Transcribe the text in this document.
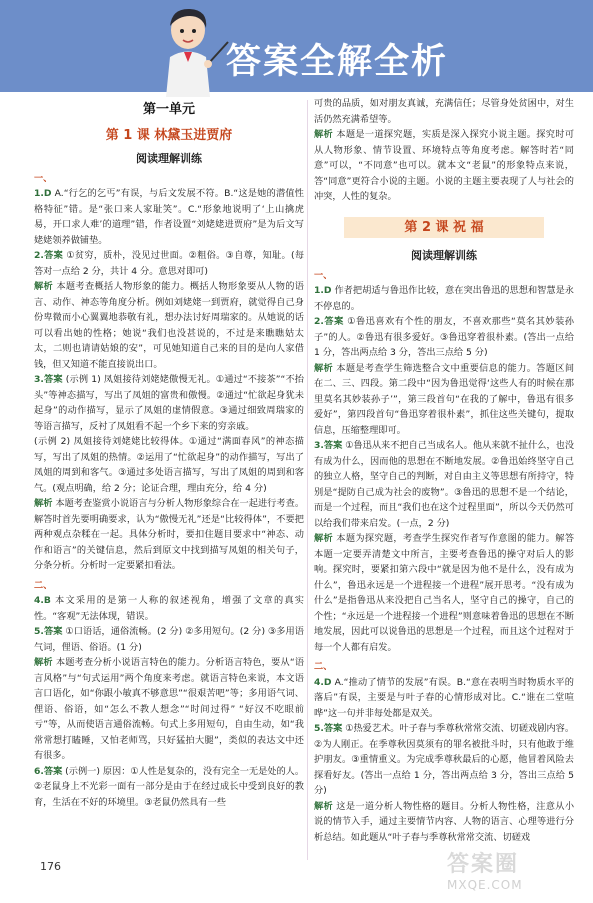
答案全解全析
第一单元
第 1 课 林黛玉进贾府
阅读理解训练
一、
1.D A.“行乞的乞丐”有误，与后文发展不符。B.“这是她的潜值性格特征”错。是“张口来人家耻笑”。C.“形象地说明了‘上山擒虎易，开口求人难’的道理”错，作者设置“刘姥姥进贾府”是为后文写姥姥领养做铺垫。
2.答案 ①贫穷，质朴，没见过世面。②粗俗。③自尊，知耻。(每答对一点给 2 分，共计 4 分。意思对即可)
解析 本题考查概括人物形象的能力。概括人物形象要从人物的语言、动作、神态等角度分析。例如刘姥姥一到贾府，就觉得自己身份卑微而小心翼翼地恭敬有礼，想办法讨好周瑞家的。从她说的话可以看出她的性格；她说“我们也没甚说的，不过是来瞧瞧姑太太，二则也请请姑娘的安”，可见她知道自己来的目的是向人家借钱，但又知道不能直接说出口。
3.答案 (示例 1) 凤姐接待刘姥姥傲慢无礼。①通过“不接茶”“不抬头”等神态描写，写出了凤姐的富贵和傲慢。②通过“忙欲起身犹未起身”的动作描写，显示了凤姐的虚情假意。③通过细致周瑞家的等语言描写，反衬了凤姐看不起一个乡下来的穷亲戚。
(示例 2) 凤姐接待刘姥姥比较得体。①通过“满面春风”的神态描写，写出了凤姐的热情。②运用了“忙欲起身”的动作描写，写出了凤姐的周到和客气。③通过多处语言描写，写出了凤姐的周到和客气。(观点明确，给 2 分；论证合理，理由充分，给 4 分)
解析 本题考查鉴赏小说语言与分析人物形象综合在一起进行考查。解答时首先要明确要求，认为“傲慢无礼”还是“比较得体”，不要把两种观点杂糅在一起。具体分析时，要扣住题目要求中“神态、动作和语言”的关键信息，然后到原文中找到描写凤姐的相关句子，分条分析。分析时一定要紧扣看法。
二、
4.B 本文采用的是第一人称的叙述视角，增强了文章的真实性。“客观”无法体现，错误。
5.答案 ①口语话，通俗流畅。(2 分) ②多用短句。(2 分) ③多用语气词，俚语、俗语。(1 分)
解析 本题考查分析小说语言特色的能力。分析语言特色，要从“语言风格”与“句式运用”两个角度来考虑。就语言特色来说，本文语言口语化，如“你跟小敏真不够意思”“很艰苦吧”等；多用语气词、俚语、俗语，如“怎么不教人想念”“时间过得” “好汉不吃眼前亏”等，从而使语言通俗流畅。句式上多用短句，自由生动，如“我常常想打瞌睡，又怕老师骂，只好猛拍大腿”，类似的表达文中还有很多。
6.答案 (示例一) 原因：①人性是复杂的，没有完全一无是处的人。②老鼠身上不光彩一面有一部分是由于在经过成长中受到良好的教育，生活在不好的环境里。③老鼠仍然具有一些
可贵的品质，如对朋友真诚，充满信任；尽管身处贫困中，对生活仍然充满希望等。
解析 本题是一道探究题，实质是深入探究小说主题。探究时可从人物形象、情节设置、环境特点等角度考虑。解答时若“同意”可以，“不同意”也可以。就本文“老鼠”的形象特点来说，答“同意”更符合小说的主题。小说的主题主要表现了人与社会的冲突，人性的复杂。
第 2 课 祝 福
阅读理解训练
一、
1.D 作者把胡适与鲁迅作比较，意在突出鲁迅的思想和智慧是永不停息的。
2.答案 ①鲁迅喜欢有个性的朋友，不喜欢那些“莫名其妙装孙子”的人。②鲁迅有很多爱好。③鲁迅穿着很朴素。(答出一点给 1 分，答出两点给 3 分，答出三点给 5 分)
解析 本题是考查学生筛选整合文中重要信息的能力。答题区间在二、三、四段。第二段中“因为鲁迅觉得‘这些人有的时候在那里莫名其妙装孙子’”，第三段首句“在我的了解中，鲁迅有很多爱好”，第四段首句“鲁迅穿着很朴素”，抓住这些关键句，提取信息，压缩整理即可。
3.答案 ①鲁迅从来不把自己当成名人。他从来就不扯什么，也没有成为什么，因而他的思想在不断地发展。②鲁迅始终坚守自己的独立人格，坚守自己的判断，对自由主义等思想有所持守，特别是“提防自己成为社会的废物”。③鲁迅的思想不是一个结论，而是一个过程，而且“我们也在这个过程里面”，所以今天仍然可以给我们带来启发。(一点，2 分)
解析 本题为探究题，考查学生探究作者写作意图的能力。解答本题一定要弄清楚文中所言，主要考查鲁迅的操守对后人的影响。探究时，要紧扣第六段中“就是因为他不是什么，没有成为什么”，鲁迅永远是一个进程接一个进程”展开思考。“没有成为什么”是指鲁迅从来没把自己当名人，坚守自己的操守，自己的个性；“永远是一个进程接一个进程”则意味着鲁迅的思想在不断地发展，因此可以说鲁迅的思想是一个过程，而且这个过程对于每一个人都有启发。
二、
4.D A.“推动了情节的发展”有误。B.“意在表明当时物质水平的落后”有误，主要是与叶子春的心情形成对比。C.“谁在二堂喧哗”这一句并非每处都是双关。
5.答案 ①热爱艺术。叶子春与季尊秋常常交流、切磋戏剧内容。②为人刚正。在季尊秋因莫须有的罪名被批斗时，只有他敢于维护朋友。③重情重义。为完成季尊秋最后的心愿，他冒着风险去探看好友。(答出一点给 1 分，答出两点给 3 分，答出三点给 5 分)
解析 这是一道分析人物性格的题目。分析人物性格，注意从小说的情节入手，通过主要情节内容、人物的语言、心理等进行分析总结。如此题从“叶子春与季尊秋常常交流、切磋戏
176	答案圈
MXQE.COM
